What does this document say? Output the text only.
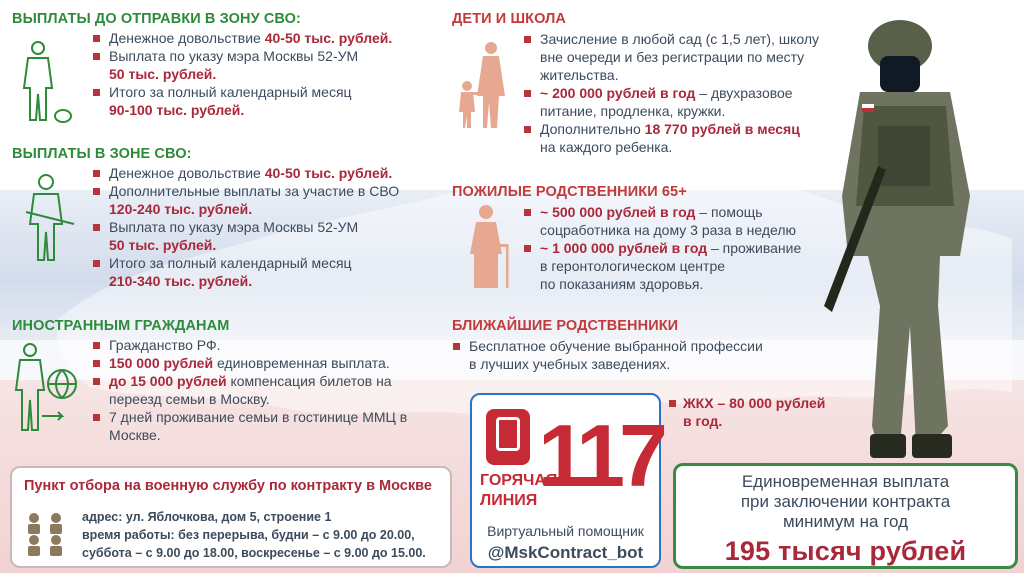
ВЫПЛАТЫ ДО ОТПРАВКИ В ЗОНУ СВО:
Денежное довольствие 40-50 тыс. рублей.
Выплата по указу мэра Москвы 52-УМ
50 тыс. рублей.
Итого за полный календарный месяц
90-100 тыс. рублей.
ВЫПЛАТЫ В ЗОНЕ СВО:
Денежное довольствие 40-50 тыс. рублей.
Дополнительные выплаты за участие в СВО
120-240 тыс. рублей.
Выплата по указу мэра Москвы 52-УМ
50 тыс. рублей.
Итого за полный календарный месяц
210-340 тыс. рублей.
ИНОСТРАННЫМ ГРАЖДАНАМ
Гражданство РФ.
150 000 рублей единовременная выплата.
до 15 000 рублей компенсация билетов на переезд семьи в Москву.
7 дней проживание семьи в гостинице ММЦ в Москве.
ДЕТИ И ШКОЛА
Зачисление в любой сад (с 1,5 лет), школу
вне очереди и без регистрации по месту
жительства.
~ 200 000 рублей в год – двухразовое
питание, продленка, кружки.
Дополнительно 18 770 рублей в месяц
на каждого ребенка.
ПОЖИЛЫЕ РОДСТВЕННИКИ 65+
~ 500 000 рублей в год – помощь
соцработника на дому 3 раза в неделю
~ 1 000 000 рублей в год – проживание
в геронтологическом центре
по показаниям здоровья.
БЛИЖАЙШИЕ РОДСТВЕННИКИ
Бесплатное обучение выбранной профессии
в лучших учебных заведениях.
ЖКХ – 80 000 рублей
в год.
Пункт отбора на военную службу по контракту в Москве
адрес: ул. Яблочкова, дом 5, строение 1
время работы: без перерыва, будни – с 9.00 до 20.00,
суббота – с 9.00 до 18.00, воскресенье – с 9.00 до 15.00.
ГОРЯЧАЯ
ЛИНИЯ 117
Виртуальный помощник
@MskContract_bot
Единовременная выплата
при заключении контракта
минимум на год
195 тысяч рублей
